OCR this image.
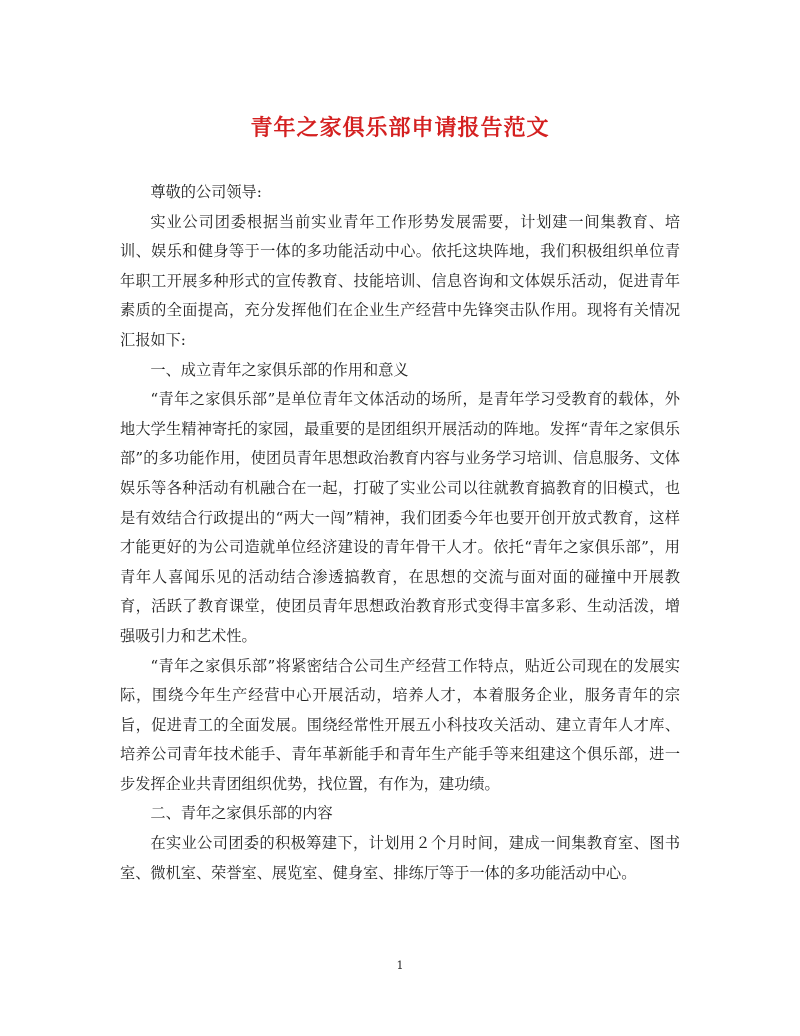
青年之家俱乐部申请报告范文

尊敬的公司领导:

实业公司团委根据当前实业青年工作形势发展需要，计划建一间集教育、培训、娱乐和健身等于一体的多功能活动中心。依托这块阵地，我们积极组织单位青年职工开展多种形式的宣传教育、技能培训、信息咨询和文体娱乐活动，促进青年素质的全面提高，充分发挥他们在企业生产经营中先锋突击队作用。现将有关情况汇报如下:

一、成立青年之家俱乐部的作用和意义

“青年之家俱乐部”是单位青年文体活动的场所，是青年学习受教育的载体，外地大学生精神寄托的家园，最重要的是团组织开展活动的阵地。发挥“青年之家俱乐部”的多功能作用，使团员青年思想政治教育内容与业务学习培训、信息服务、文体娱乐等各种活动有机融合在一起，打破了实业公司以往就教育搞教育的旧模式，也是有效结合行政提出的“两大一闯”精神，我们团委今年也要开创开放式教育，这样才能更好的为公司造就单位经济建设的青年骨干人才。依托“青年之家俱乐部”，用青年人喜闻乐见的活动结合渗透搞教育，在思想的交流与面对面的碰撞中开展教育，活跃了教育课堂，使团员青年思想政治教育形式变得丰富多彩、生动活泼，增强吸引力和艺术性。

“青年之家俱乐部”将紧密结合公司生产经营工作特点，贴近公司现在的发展实际，围绕今年生产经营中心开展活动，培养人才，本着服务企业，服务青年的宗旨，促进青工的全面发展。围绕经常性开展五小科技攻关活动、建立青年人才库、培养公司青年技术能手、青年革新能手和青年生产能手等来组建这个俱乐部，进一步发挥企业共青团组织优势，找位置，有作为，建功绩。

二、青年之家俱乐部的内容

在实业公司团委的积极筹建下，计划用２个月时间，建成一间集教育室、图书室、微机室、荣誉室、展览室、健身室、排练厅等于一体的多功能活动中心。

1
